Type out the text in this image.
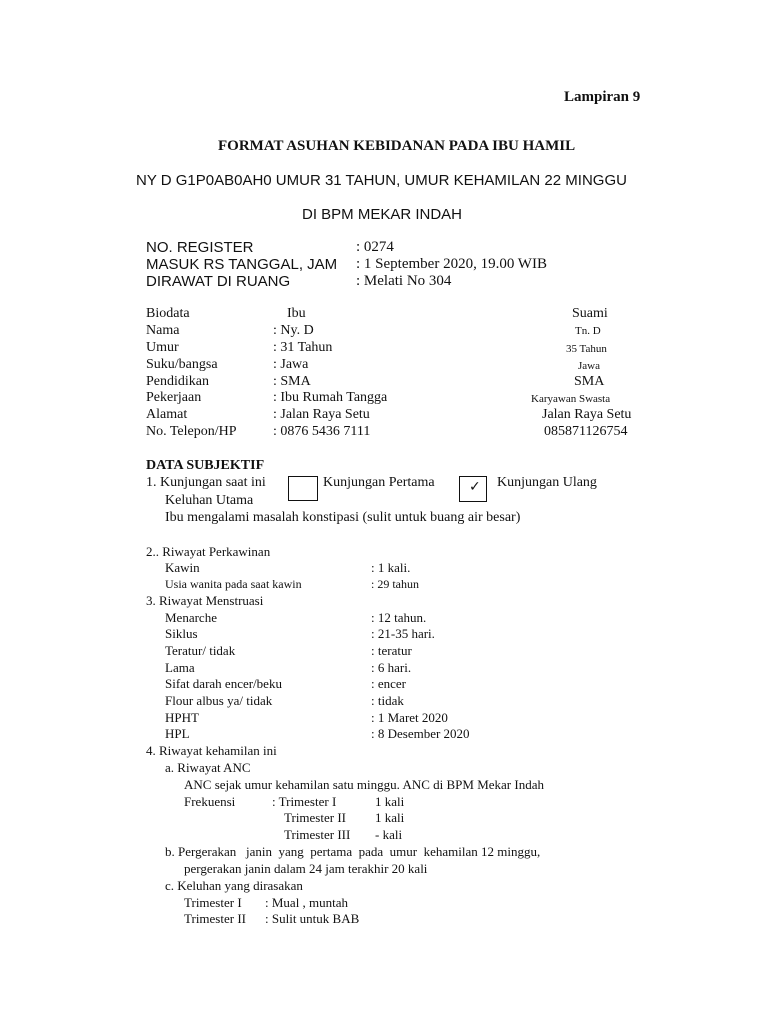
Lampiran 9
FORMAT ASUHAN KEBIDANAN PADA IBU HAMIL
NY D G1P0AB0AH0 UMUR 31 TAHUN, UMUR KEHAMILAN 22 MINGGU
DI BPM MEKAR INDAH
NO. REGISTER	: 0274
MASUK RS TANGGAL, JAM : 1 September 2020, 19.00 WIB
DIRAWAT DI RUANG	: Melati No 304
Biodata	Ibu	Suami
Nama	: Ny. D	Tn. D
Umur	: 31 Tahun	35 Tahun
Suku/bangsa	: Jawa	Jawa
Pendidikan	: SMA	SMA
Pekerjaan	: Ibu Rumah Tangga	Karyawan Swasta
Alamat	: Jalan Raya Setu	Jalan Raya Setu
No. Telepon/HP	: 0876 5436 7111	085871126754
DATA SUBJEKTIF
1. Kunjungan saat ini	Kunjungan Pertama ✓ Kunjungan Ulang
Keluhan Utama
Ibu mengalami masalah konstipasi (sulit untuk buang air besar)
2.. Riwayat Perkawinan
Kawin	: 1 kali.
Usia wanita pada saat kawin	: 29 tahun
3. Riwayat Menstruasi
Menarche	: 12 tahun.
Siklus	: 21-35 hari.
Teratur/ tidak	: teratur
Lama	: 6 hari.
Sifat darah encer/beku	: encer
Flour albus ya/ tidak	: tidak
HPHT	: 1 Maret 2020
HPL	: 8 Desember 2020
4. Riwayat kehamilan ini
a. Riwayat ANC
ANC sejak umur kehamilan satu minggu. ANC di BPM Mekar Indah
Frekuensi	: Trimester I	1 kali
Trimester II 1 kali
Trimester III - kali
b. Pergerakan   janin  yang  pertama  pada  umur  kehamilan 12 minggu,
pergerakan janin dalam 24 jam terakhir 20 kali
c. Keluhan yang dirasakan
Trimester I : Mual , muntah
Trimester II : Sulit untuk BAB
